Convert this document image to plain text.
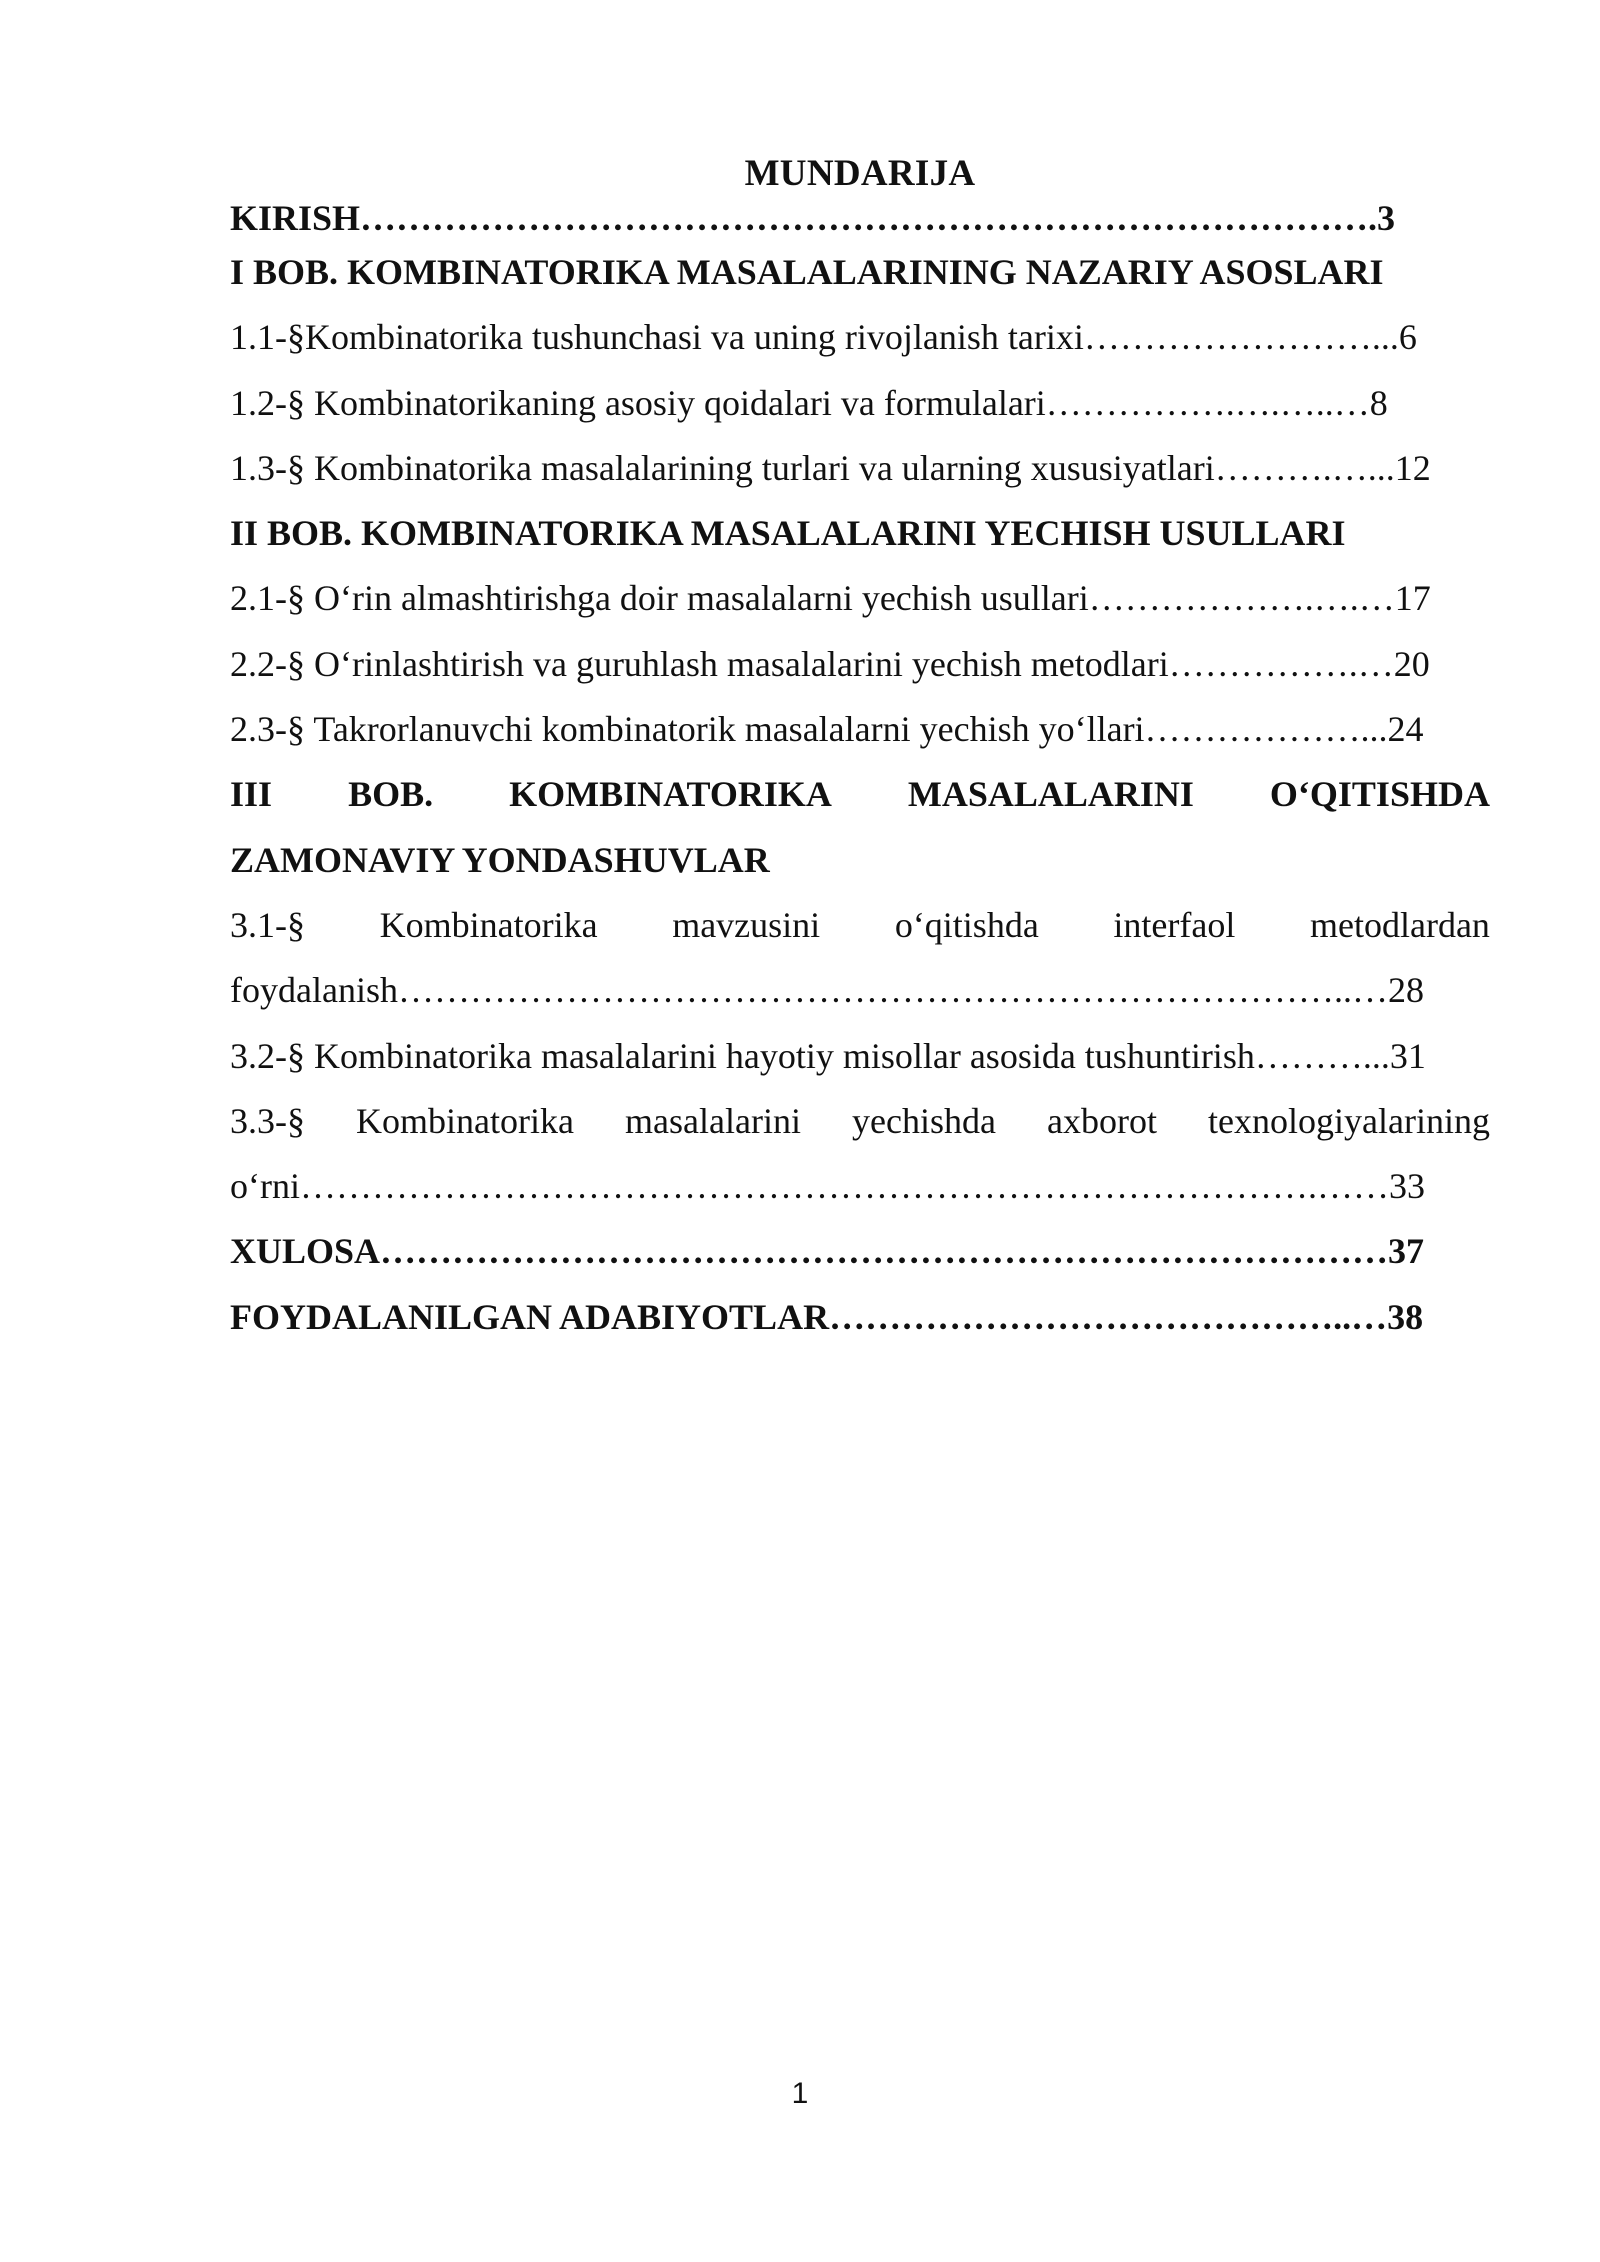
MUNDARIJA
KIRISH………………………………………………………………………….3
I BOB. KOMBINATORIKA MASALALARINING NAZARIY ASOSLARI
1.1-§Kombinatorika tushunchasi va uning rivojlanish tarixi……………………...6
1.2-§ Kombinatorikaning asosiy qoidalari va formulalari…………….….…..…8
1.3-§ Kombinatorika masalalarining turlari va ularning xususiyatlari……….…...12
II BOB. KOMBINATORIKA MASALALARINI YECHISH USULLARI
2.1-§ O‘rin almashtirishga doir masalalarni yechish usullari……………….….…17
2.2-§ O‘rinlashtirish va guruhlash masalalarini yechish metodlari…………….…20
2.3-§ Takrorlanuvchi kombinatorik masalalarni yechish yo‘llari………………...24
III BOB. KOMBINATORIKA MASALALARINI O‘QITISHDA
ZAMONAVIY YONDASHUVLAR
3.1-§ Kombinatorika mavzusini o‘qitishda interfaol metodlardan
foydalanish……………………………………………………………………..…28
3.2-§ Kombinatorika masalalarini hayotiy misollar asosida tushuntirish………...31
3.3-§ Kombinatorika masalalarini yechishda axborot texnologiyalarining
o‘rni………………………………………………………………………….……33
XULOSA…………………………………………………………………………37
FOYDALANILGAN ADABIYOTLAR……………………………………..…38
1
